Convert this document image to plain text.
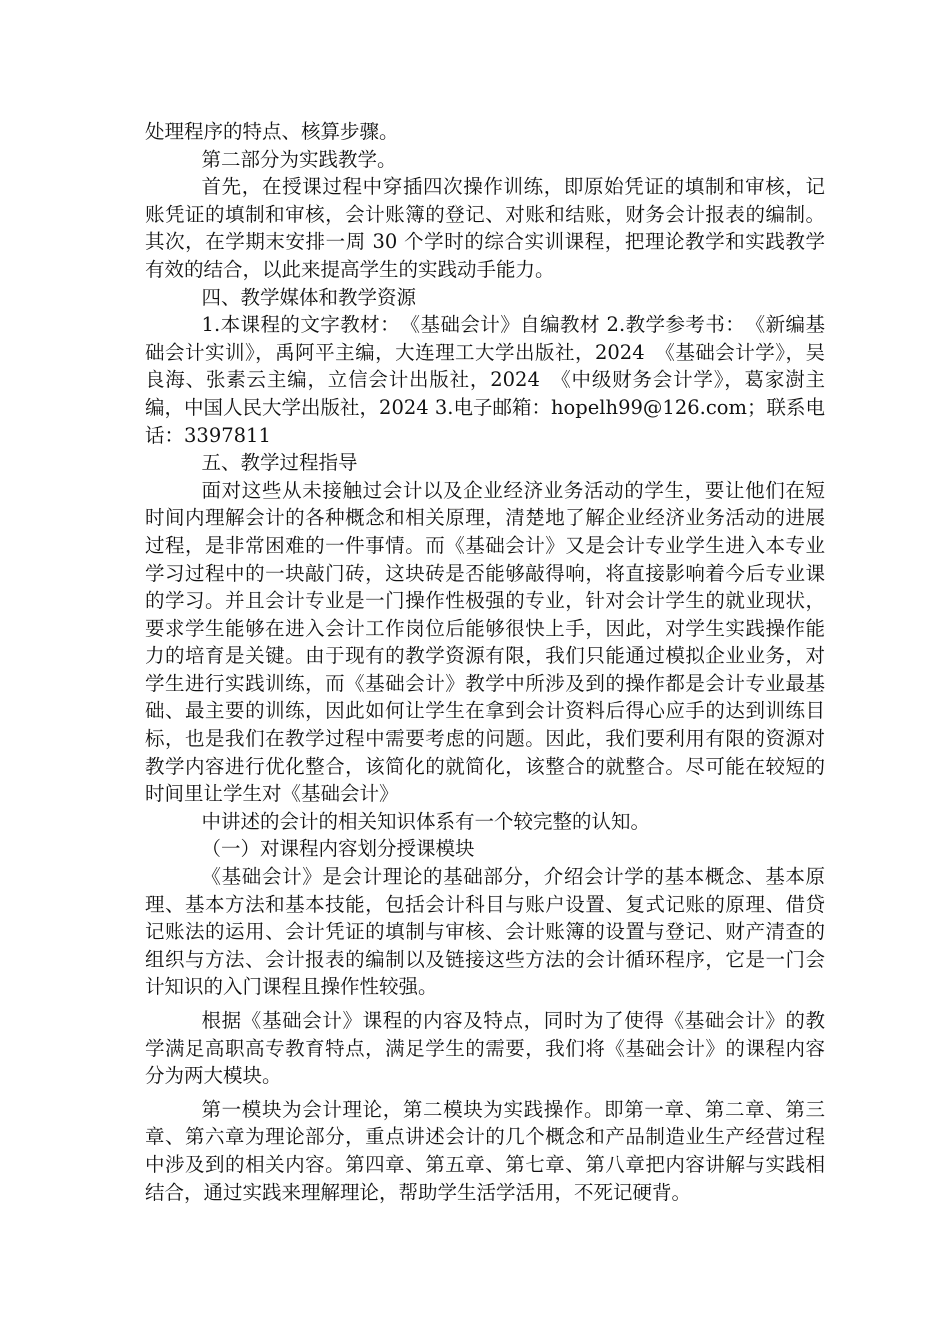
处理程序的特点、核算步骤。

第二部分为实践教学。

首先，在授课过程中穿插四次操作训练，即原始凭证的填制和审核，记账凭证的填制和审核，会计账簿的登记、对账和结账，财务会计报表的编制。其次，在学期末安排一周 30 个学时的综合实训课程，把理论教学和实践教学有效的结合，以此来提高学生的实践动手能力。

四、教学媒体和教学资源

1.本课程的文字教材：　《基础会计》自编教材 2.教学参考书：　《新编基础会计实训》，禹阿平主编，大连理工大学出版社，2024　《基础会计学》，吴良海、张素云主编，立信会计出版社，2024　《中级财务会计学》，葛家澍主编，中国人民大学出版社，2024 3.电子邮箱：hopelh99@126.com；联系电话：3397811

五、教学过程指导

面对这些从未接触过会计以及企业经济业务活动的学生，要让他们在短时间内理解会计的各种概念和相关原理，清楚地了解企业经济业务活动的进展过程，是非常困难的一件事情。而《基础会计》又是会计专业学生进入本专业学习过程中的一块敲门砖，这块砖是否能够敲得响，将直接影响着今后专业课的学习。并且会计专业是一门操作性极强的专业，针对会计学生的就业现状，要求学生能够在进入会计工作岗位后能够很快上手，因此，对学生实践操作能力的培育是关键。由于现有的教学资源有限，我们只能通过模拟企业业务，对学生进行实践训练，而《基础会计》教学中所涉及到的操作都是会计专业最基础、最主要的训练，因此如何让学生在拿到会计资料后得心应手的达到训练目标，也是我们在教学过程中需要考虑的问题。因此，我们要利用有限的资源对教学内容进行优化整合，该简化的就简化，该整合的就整合。尽可能在较短的时间里让学生对《基础会计》

中讲述的会计的相关知识体系有一个较完整的认知。

（一）对课程内容划分授课模块

《基础会计》是会计理论的基础部分，介绍会计学的基本概念、基本原理、基本方法和基本技能，包括会计科目与账户设置、复式记账的原理、借贷记账法的运用、会计凭证的填制与审核、会计账簿的设置与登记、财产清查的组织与方法、会计报表的编制以及链接这些方法的会计循环程序，它是一门会计知识的入门课程且操作性较强。

根据《基础会计》课程的内容及特点，同时为了使得《基础会计》的教学满足高职高专教育特点，满足学生的需要，我们将《基础会计》的课程内容分为两大模块。

第一模块为会计理论，第二模块为实践操作。即第一章、第二章、第三章、第六章为理论部分，重点讲述会计的几个概念和产品制造业生产经营过程中涉及到的相关内容。第四章、第五章、第七章、第八章把内容讲解与实践相结合，通过实践来理解理论，帮助学生活学活用，不死记硬背。
